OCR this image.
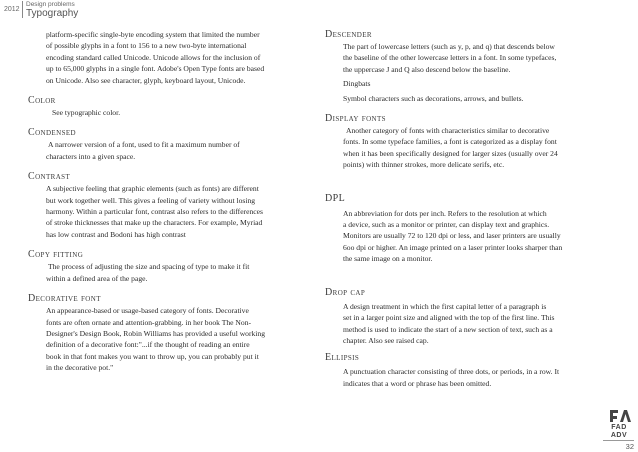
2012
Design problems
Typography
platform-specific single-byte encoding system that limited the number
of possible glyphs in a font to 156 to a new two-byte international
encoding standard called Unicode. Unicode allows for the inclusion of
up to 65,000 glyphs in a single font. Adobe's Open Type fonts are based
on Unicode. Also see character, glyph, keyboard layout, Unicode.
Color
See typographic color.
Condensed
A narrower version of a font, used to fit a maximum number of
characters into a given space.
Contrast
A subjective feeling that graphic elements (such as fonts) are different
but work together well. This gives a feeling of variety without losing
harmony. Within a particular font, contrast also refers to the differences
of stroke thicknesses that make up the characters. For example, Myriad
has low contrast and Bodoni has high contrast
Copy fitting
The process of adjusting the size and spacing of type to make it fit
within a defined area of the page.
Decorative font
An appearance-based or usage-based category of fonts. Decorative
fonts are often ornate and attention-grabbing. in her book The Non-
Designer's Design Book, Robin Williams has provided a useful working
definition of a decorative font:"...if the thought of reading an entire
book in that font makes you want to throw up, you can probably put it
in the decorative pot."
Descender
The part of lowercase letters (such as y, p, and q) that descends below
the baseline of the other lowercase letters in a font. In some typefaces,
the uppercase J and Q also descend below the baseline.
Dingbats
Symbol characters such as decorations, arrows, and bullets.
Display fonts
Another category of fonts with characteristics similar to decorative
fonts. In some typeface families, a font is categorized as a display font
when it has been specifically designed for larger sizes (usually over 24
points) with thinner strokes, more delicate serifs, etc.
DPL
An abbreviation for dots per inch. Refers to the resolution at which
a device, such as a monitor or printer, can display text and graphics.
Monitors are usually 72 to 120 dpi or less, and laser printers are usually
6oo dpi or higher. An image printed on a laser printer looks sharper than
the same image on a monitor.
Drop cap
A design treatment in which the first capital letter of a paragraph is
set in a larger point size and aligned with the top of the first line. This
method is used to indicate the start of a new section of text, such as a
chapter. Also see raised cap.
Ellipsis
A punctuation character consisting of three dots, or periods, in a row. It
indicates that a word or phrase has been omitted.
FAD
ADV
32
